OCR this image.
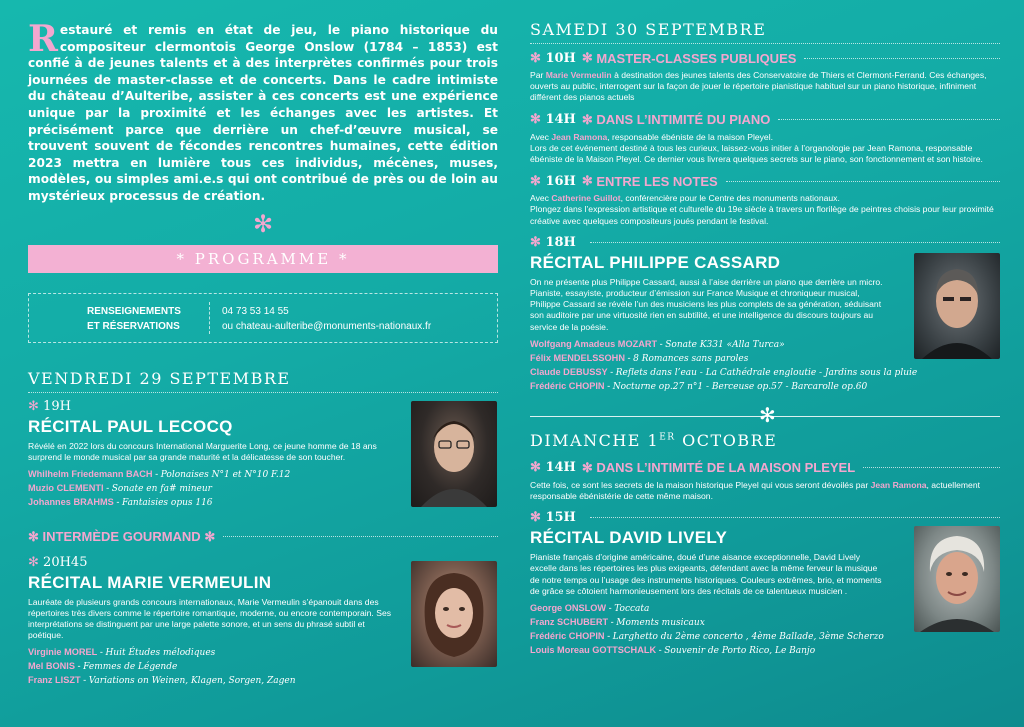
Restauré et remis en état de jeu, le piano historique du compositeur clermontois George Onslow (1784 – 1853) est confié à de jeunes talents et à des interprètes confirmés pour trois journées de master-classe et de concerts. Dans le cadre intimiste du château d’Aulteribe, assister à ces concerts est une expérience unique par la proximité et les échanges avec les artistes. Et précisément parce que derrière un chef-d’œuvre musical, se trouvent souvent de fécondes rencontres humaines, cette édition 2023 mettra en lumière tous ces individus, mécènes, muses, modèles, ou simples ami.e.s qui ont contribué de près ou de loin au mystérieux processus de création.

✻
* PROGRAMME *
RENSEIGNEMENTS
ET RÉSERVATIONS
04 73 53 14 55
ou chateau-aulteribe@monuments-nationaux.fr
VENDREDI 29 SEPTEMBRE
✻ 19H
RÉCITAL PAUL LECOCQ
Révélé en 2022 lors du concours International Marguerite Long, ce jeune homme de 18 ans surprend le monde musical par sa grande maturité et la délicatesse de son toucher.
Whilhelm Friedemann BACH - Polonaises N°1 et N°10 F.12
Muzio CLEMENTI - Sonate en fa# mineur
Johannes BRAHMS - Fantaisies opus 116
✻
INTERMÈDE GOURMAND
✻
✻ 20H45
RÉCITAL MARIE VERMEULIN
Lauréate de plusieurs grands concours internationaux, Marie Vermeulin s’épanouit dans des répertoires très divers comme le répertoire romantique, moderne, ou encore contemporain. Ses interprétations se distinguent par une large palette sonore, et un sens du phrasé subtil et poétique.
Virginie MOREL - Huit Études mélodiques
Mel BONIS - Femmes de Légende
Franz LISZT - Variations on Weinen, Klagen, Sorgen, Zagen
SAMEDI 30 SEPTEMBRE
✻ 10H ✻
MASTER-CLASSES PUBLIQUES
Par Marie Vermeulin à destination des jeunes talents des Conservatoire de Thiers et Clermont-Ferrand. Ces échanges, ouverts au public, interrogent sur la façon de jouer le répertoire pianistique habituel sur un piano historique, infiniment différent des pianos actuels
✻ 14H ✻
DANS L’INTIMITÉ DU PIANO
Avec Jean Ramona, responsable ébéniste de la maison Pleyel.
Lors de cet événement destiné à tous les curieux, laissez-vous initier à l’organologie par Jean Ramona, responsable ébéniste de la Maison Pleyel. Ce dernier vous livrera quelques secrets sur le piano, son fonctionnement et son histoire.
✻ 16H ✻
ENTRE LES NOTES
Avec Catherine Guillot, conférencière pour le Centre des monuments nationaux.
Plongez dans l’expression artistique et culturelle du 19e siècle à travers un florilège de peintres choisis pour leur proximité créative avec quelques compositeurs joués pendant le festival.
✻ 18H
RÉCITAL PHILIPPE CASSARD
On ne présente plus Philippe Cassard, aussi à l’aise derrière un piano que derrière un micro. Pianiste, essayiste, producteur d’émission sur France Musique et chroniqueur musical, Philippe Cassard se révèle l’un des musiciens les plus complets de sa génération, séduisant son auditoire par une virtuosité rien en subtilité, et une intelligence du discours toujours au service de la poésie.
Wolfgang Amadeus MOZART - Sonate K331 «Alla Turca»
Félix MENDELSSOHN - 8 Romances sans paroles
Claude DEBUSSY - Reflets dans l’eau - La Cathédrale engloutie - Jardins sous la pluie
Frédéric CHOPIN - Nocturne op.27 n°1 - Berceuse op.57 - Barcarolle op.60
✻
DIMANCHE 1ER OCTOBRE
✻ 14H ✻
DANS L’INTIMITÉ DE LA MAISON PLEYEL
Cette fois, ce sont les secrets de la maison historique Pleyel qui vous seront dévoilés par Jean Ramona, actuellement responsable ébénistérie de cette même maison.
✻ 15H
RÉCITAL DAVID LIVELY
Pianiste français d’origine américaine, doué d’une aisance exceptionnelle, David Lively excelle dans les répertoires les plus exigeants, défendant avec la même ferveur la musique de notre temps ou l’usage des instruments historiques. Couleurs extrêmes, brio, et moments de grâce se côtoient harmonieusement lors des récitals de ce talentueux musicien .
George ONSLOW - Toccata
Franz SCHUBERT - Moments musicaux
Frédéric CHOPIN - Larghetto du 2ème concerto , 4ème Ballade, 3ème Scherzo
Louis Moreau GOTTSCHALK - Souvenir de Porto Rico, Le Banjo
